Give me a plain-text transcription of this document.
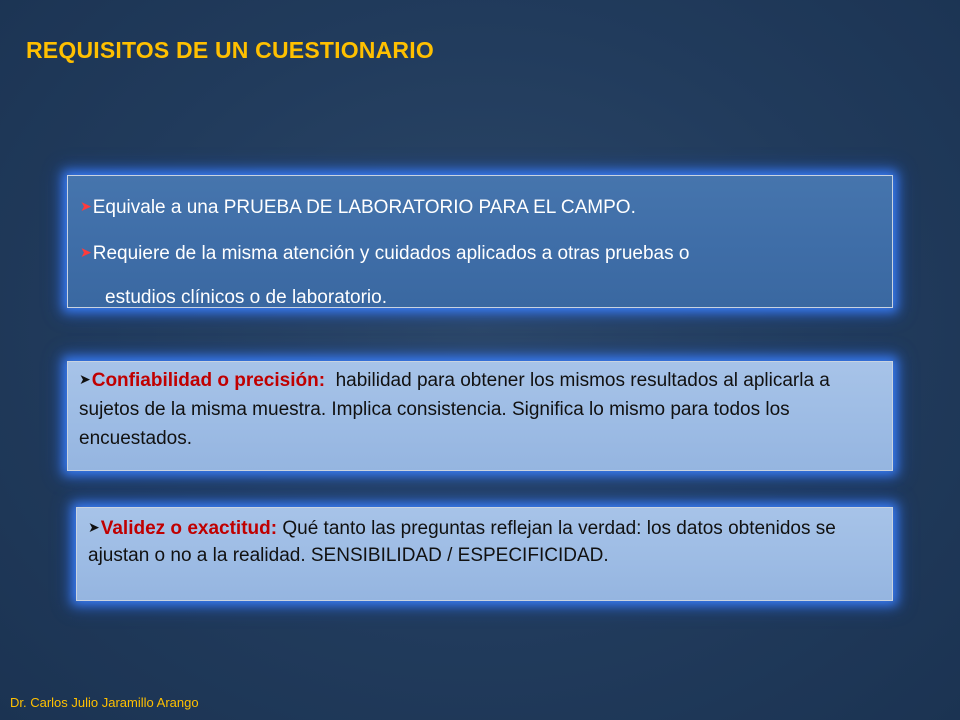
REQUISITOS DE UN CUESTIONARIO

➤Equivale a una PRUEBA DE LABORATORIO PARA EL CAMPO.

➤Requiere de la misma atención y cuidados aplicados a otras pruebas o

estudios clínicos o de laboratorio.

➤Confiabilidad o precisión: habilidad para obtener los mismos resultados al aplicarla a sujetos de la misma muestra. Implica consistencia. Significa lo mismo para todos los encuestados.

➤Validez o exactitud: Qué tanto las preguntas reflejan la verdad: los datos obtenidos se ajustan o no a la realidad. SENSIBILIDAD / ESPECIFICIDAD.

Dr. Carlos Julio Jaramillo Arango
